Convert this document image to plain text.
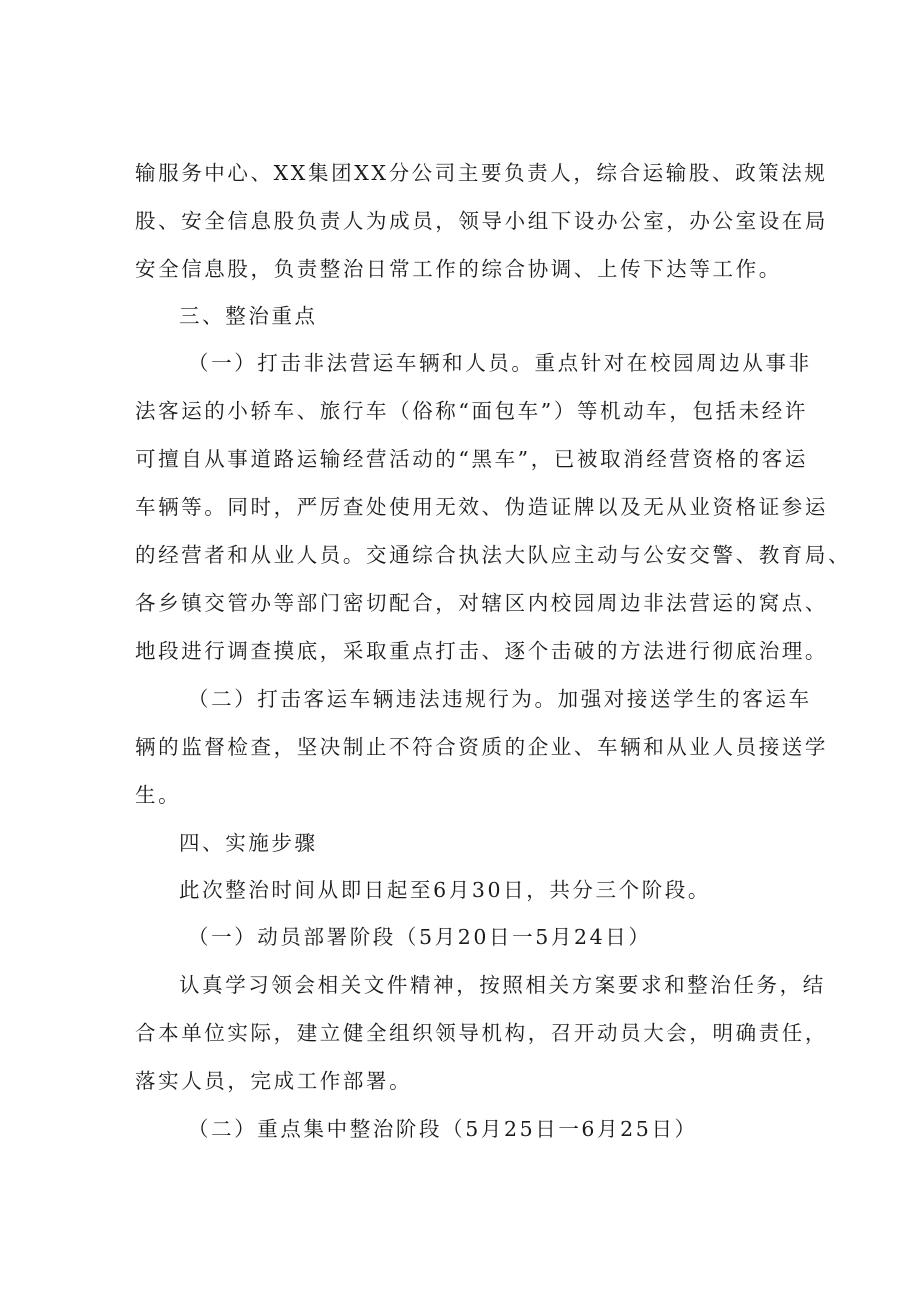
输服务中心、XX集团XX分公司主要负责人，综合运输股、政策法规
股、安全信息股负责人为成员，领导小组下设办公室，办公室设在局
安全信息股，负责整治日常工作的综合协调、上传下达等工作。
三、整治重点
（一）打击非法营运车辆和人员。重点针对在校园周边从事非
法客运的小轿车、旅行车（俗称“面包车”）等机动车，包括未经许
可擅自从事道路运输经营活动的“黑车”，已被取消经营资格的客运
车辆等。同时，严厉查处使用无效、伪造证牌以及无从业资格证参运
的经营者和从业人员。交通综合执法大队应主动与公安交警、教育局、
各乡镇交管办等部门密切配合，对辖区内校园周边非法营运的窝点、
地段进行调查摸底，采取重点打击、逐个击破的方法进行彻底治理。
（二）打击客运车辆违法违规行为。加强对接送学生的客运车
辆的监督检查，坚决制止不符合资质的企业、车辆和从业人员接送学
生。
四、实施步骤
此次整治时间从即日起至6月30日，共分三个阶段。
（一）动员部署阶段（5月20日一5月24日）
认真学习领会相关文件精神，按照相关方案要求和整治任务，结
合本单位实际，建立健全组织领导机构，召开动员大会，明确责任，
落实人员，完成工作部署。
（二）重点集中整治阶段（5月25日一6月25日）
